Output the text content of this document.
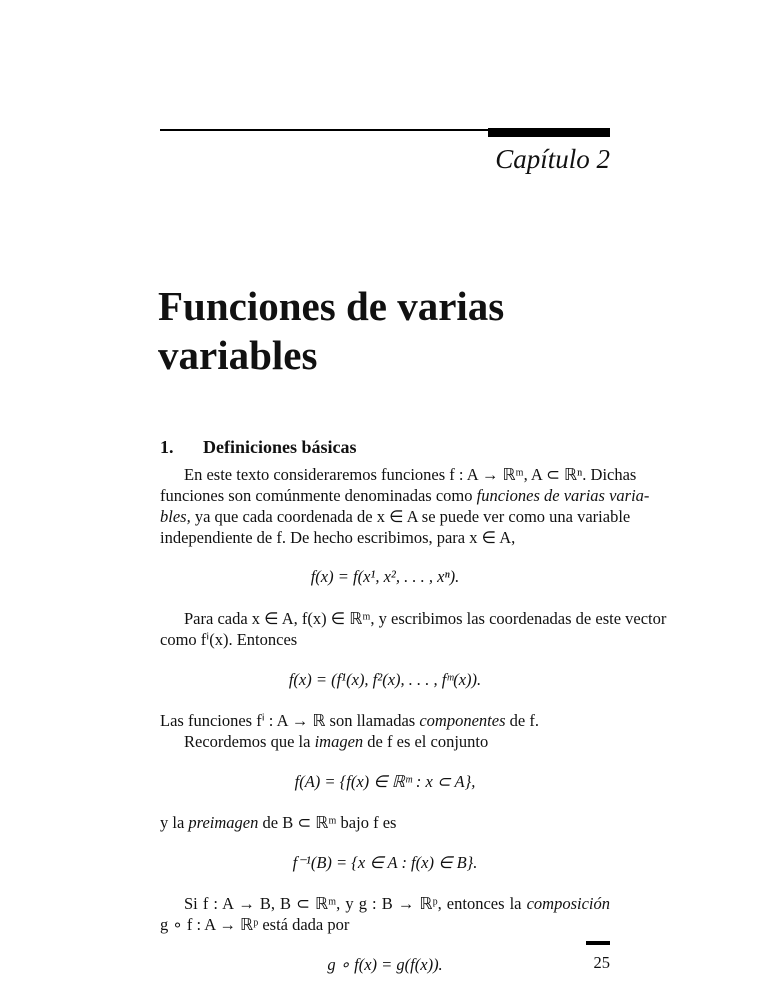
Capítulo 2
Funciones de varias
variables
1. Definiciones básicas
En este texto consideraremos funciones f : A → ℝᵐ, A ⊂ ℝⁿ. Dichas
funciones son comúnmente denominadas como funciones de varias varia-
bles, ya que cada coordenada de x ∈ A se puede ver como una variable
independiente de f. De hecho escribimos, para x ∈ A,
f(x) = f(x¹, x², . . . , xⁿ).
Para cada x ∈ A, f(x) ∈ ℝᵐ, y escribimos las coordenadas de este vector
como fⁱ(x). Entonces
f(x) = (f¹(x), f²(x), . . . , fᵐ(x)).
Las funciones fⁱ : A → ℝ son llamadas componentes de f.
Recordemos que la imagen de f es el conjunto
f(A) = {f(x) ∈ ℝᵐ : x ⊂ A},
y la preimagen de B ⊂ ℝᵐ bajo f es
f⁻¹(B) = {x ∈ A : f(x) ∈ B}.
Si f : A → B, B ⊂ ℝᵐ, y g : B → ℝᵖ, entonces la composición
g ∘ f : A → ℝᵖ está dada por
g ∘ f(x) = g(f(x)).	25
